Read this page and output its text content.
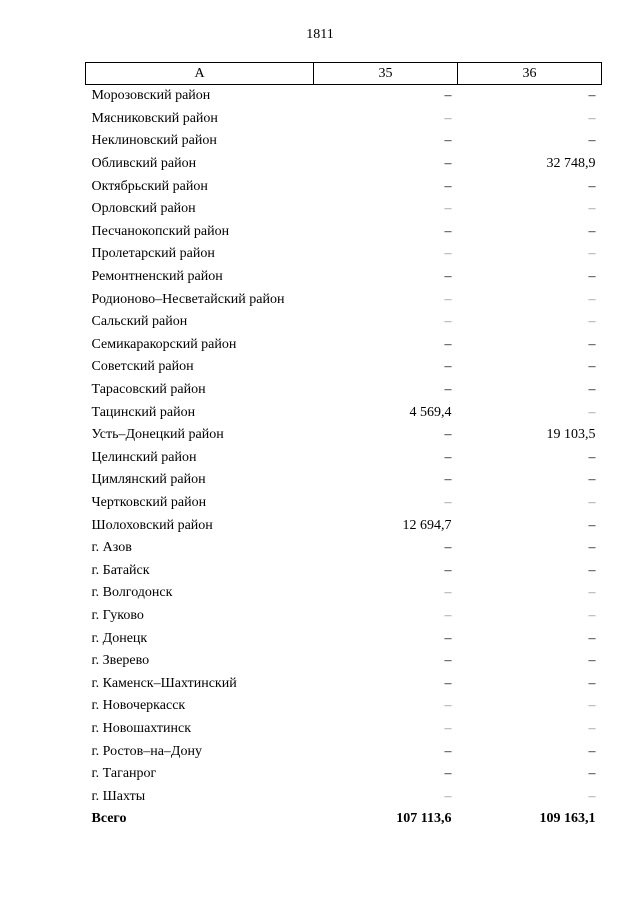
1811
А	35	36
Морозовский район	–	–
Мясниковский район	–	–
Неклиновский район	–	–
Обливский район	–	32 748,9
Октябрьский район	–	–
Орловский район	–	–
Песчанокопский район	–	–
Пролетарский район	–	–
Ремонтненский район	–	–
Родионово–Несветайский район	–	–
Сальский район	–	–
Семикаракорский район	–	–
Советский район	–	–
Тарасовский район	–	–
Тацинский район	4 569,4	–
Усть–Донецкий район	–	19 103,5
Целинский район	–	–
Цимлянский район	–	–
Чертковский район	–	–
Шолоховский район	12 694,7	–
г. Азов	–	–
г. Батайск	–	–
г. Волгодонск	–	–
г. Гуково	–	–
г. Донецк	–	–
г. Зверево	–	–
г. Каменск–Шахтинский	–	–
г. Новочеркасск	–	–
г. Новошахтинск	–	–
г. Ростов–на–Дону	–	–
г. Таганрог	–	–
г. Шахты	–	–
Всего	107 113,6	109 163,1
